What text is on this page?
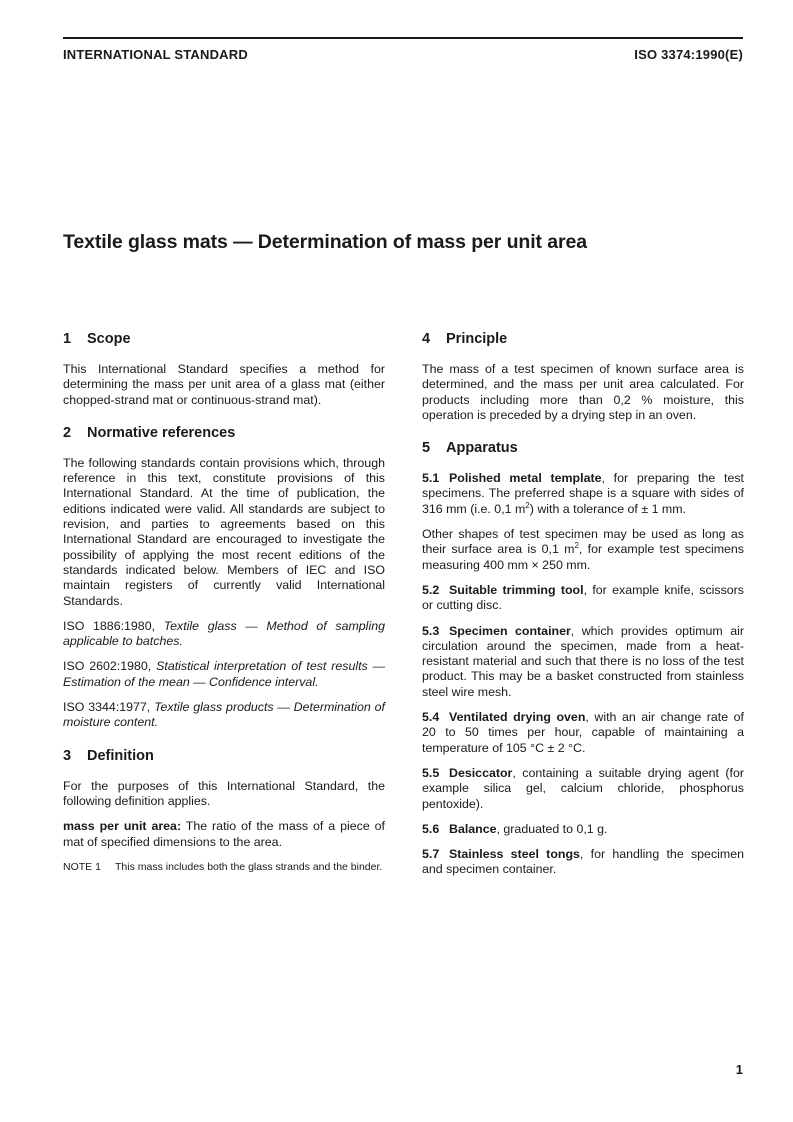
INTERNATIONAL STANDARD	ISO 3374:1990(E)
Textile glass mats — Determination of mass per unit area
1 Scope

This International Standard specifies a method for determining the mass per unit area of a glass mat (either chopped-strand mat or continuous-strand mat).

2 Normative references

The following standards contain provisions which, through reference in this text, constitute provisions of this International Standard. At the time of publication, the editions indicated were valid. All standards are subject to revision, and parties to agreements based on this International Standard are encouraged to investigate the possibility of applying the most recent editions of the standards indicated below. Members of IEC and ISO maintain registers of currently valid International Standards.

ISO 1886:1980, Textile glass — Method of sampling applicable to batches.

ISO 2602:1980, Statistical interpretation of test results — Estimation of the mean — Confidence interval.

ISO 3344:1977, Textile glass products — Determination of moisture content.

3 Definition

For the purposes of this International Standard, the following definition applies.

mass per unit area: The ratio of the mass of a piece of mat of specified dimensions to the area.

NOTE 1 This mass includes both the glass strands and the binder.

4 Principle

The mass of a test specimen of known surface area is determined, and the mass per unit area calculated. For products including more than 0,2 % moisture, this operation is preceded by a drying step in an oven.

5 Apparatus

5.1 Polished metal template, for preparing the test specimens. The preferred shape is a square with sides of 316 mm (i.e. 0,1 $m^2$) with a tolerance of ± 1 mm.

Other shapes of test specimen may be used as long as their surface area is 0,1 $m^2$, for example test specimens measuring 400 mm × 250 mm.

5.2 Suitable trimming tool, for example knife, scissors or cutting disc.

5.3 Specimen container, which provides optimum air circulation around the specimen, made from a heat-resistant material and such that there is no loss of the test product. This may be a basket constructed from stainless steel wire mesh.

5.4 Ventilated drying oven, with an air change rate of 20 to 50 times per hour, capable of maintaining a temperature of 105 °C ± 2 °C.

5.5 Desiccator, containing a suitable drying agent (for example silica gel, calcium chloride, phosphorus pentoxide).

5.6 Balance, graduated to 0,1 g.

5.7 Stainless steel tongs, for handling the specimen and specimen container.

1
